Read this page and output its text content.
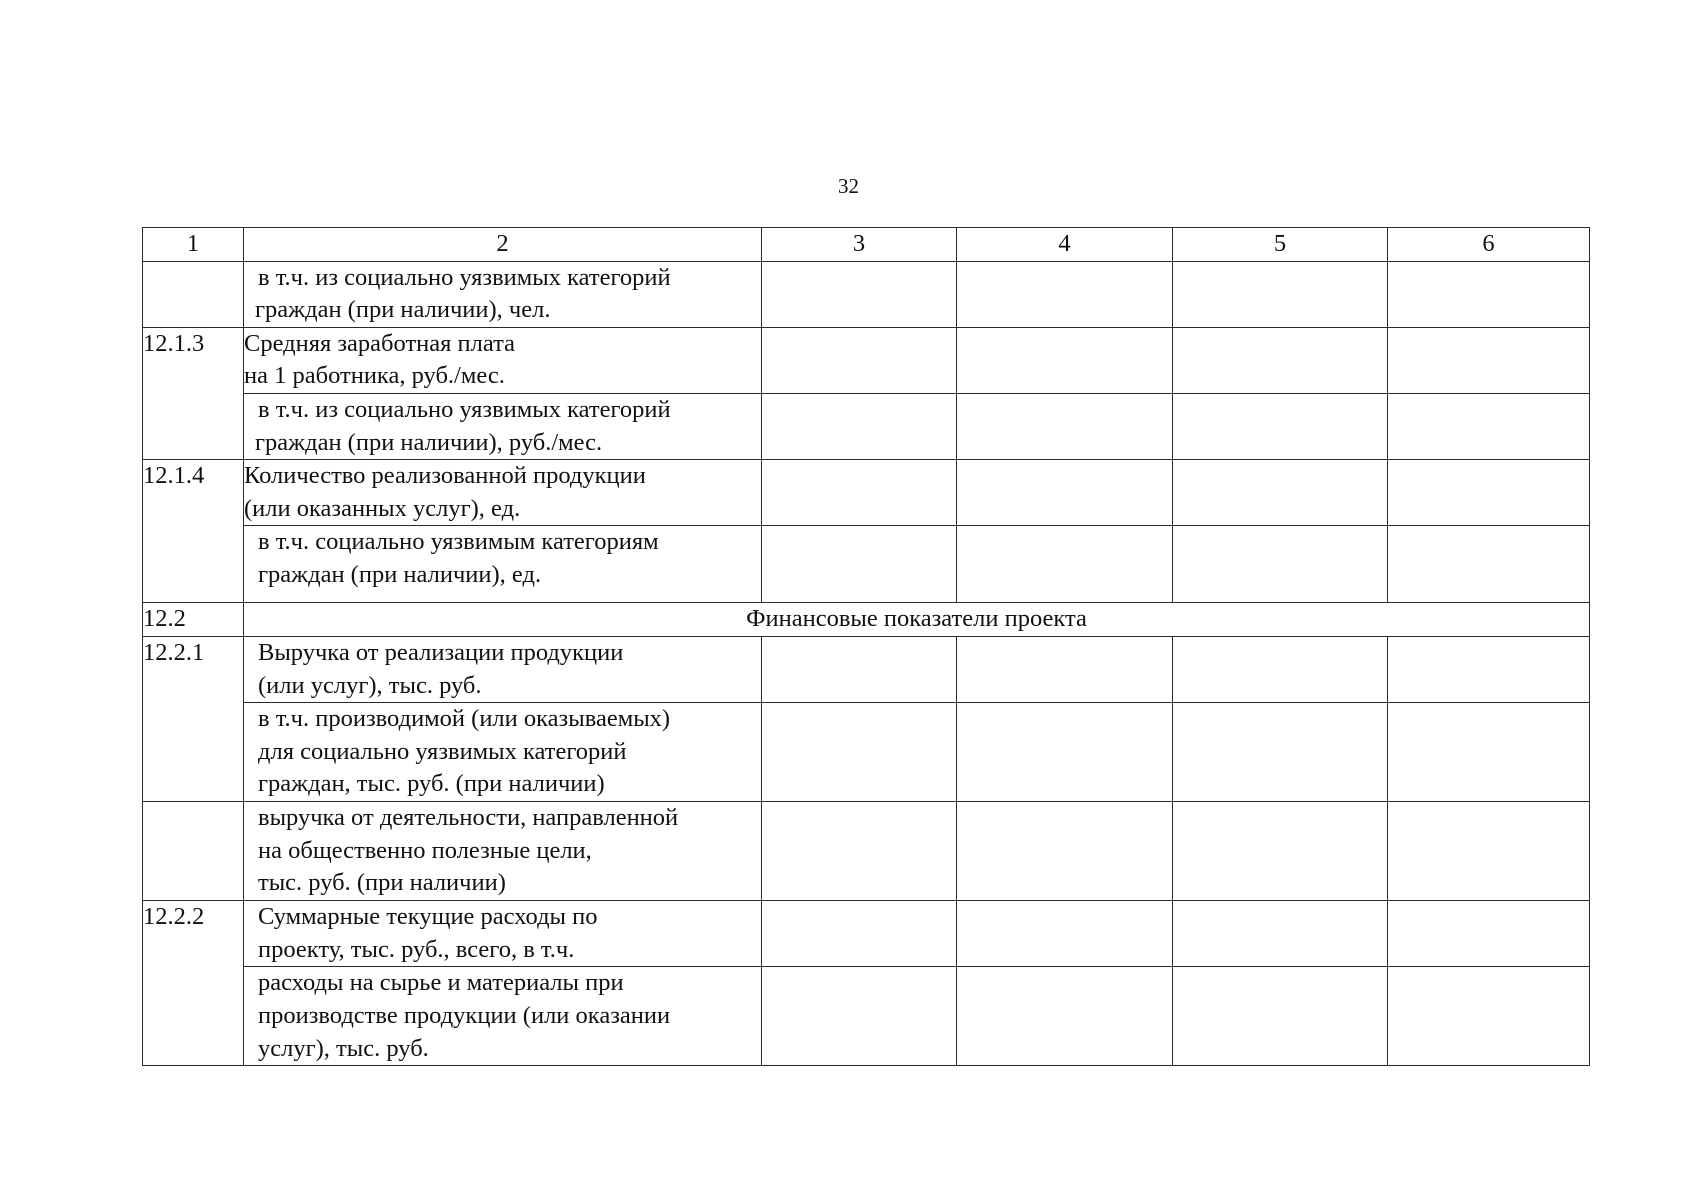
32
1	2	3	4	5	6

	в т.ч. из социально уязвимых категорий
граждан (при наличии), чел.				

12.1.3	Средняя заработная плата
на 1 работника, руб./мес.				

	в т.ч. из социально уязвимых категорий
граждан (при наличии), руб./мес.				

12.1.4	Количество реализованной продукции
(или оказанных услуг), ед.				

	в т.ч. социально уязвимым категориям
граждан (при наличии), ед.				

12.2	Финансовые показатели проекта				
12.2.1	Выручка от реализации продукции
(или услуг), тыс. руб.				

	в т.ч. производимой (или оказываемых)
для социально уязвимых категорий
граждан, тыс. руб. (при наличии)				

	выручка от деятельности, направленной
на общественно полезные цели,
тыс. руб. (при наличии)				

12.2.2	Суммарные текущие расходы по
проекту, тыс. руб., всего, в т.ч.				

	расходы на сырье и материалы при
производстве продукции (или оказании
услуг), тыс. руб.				
